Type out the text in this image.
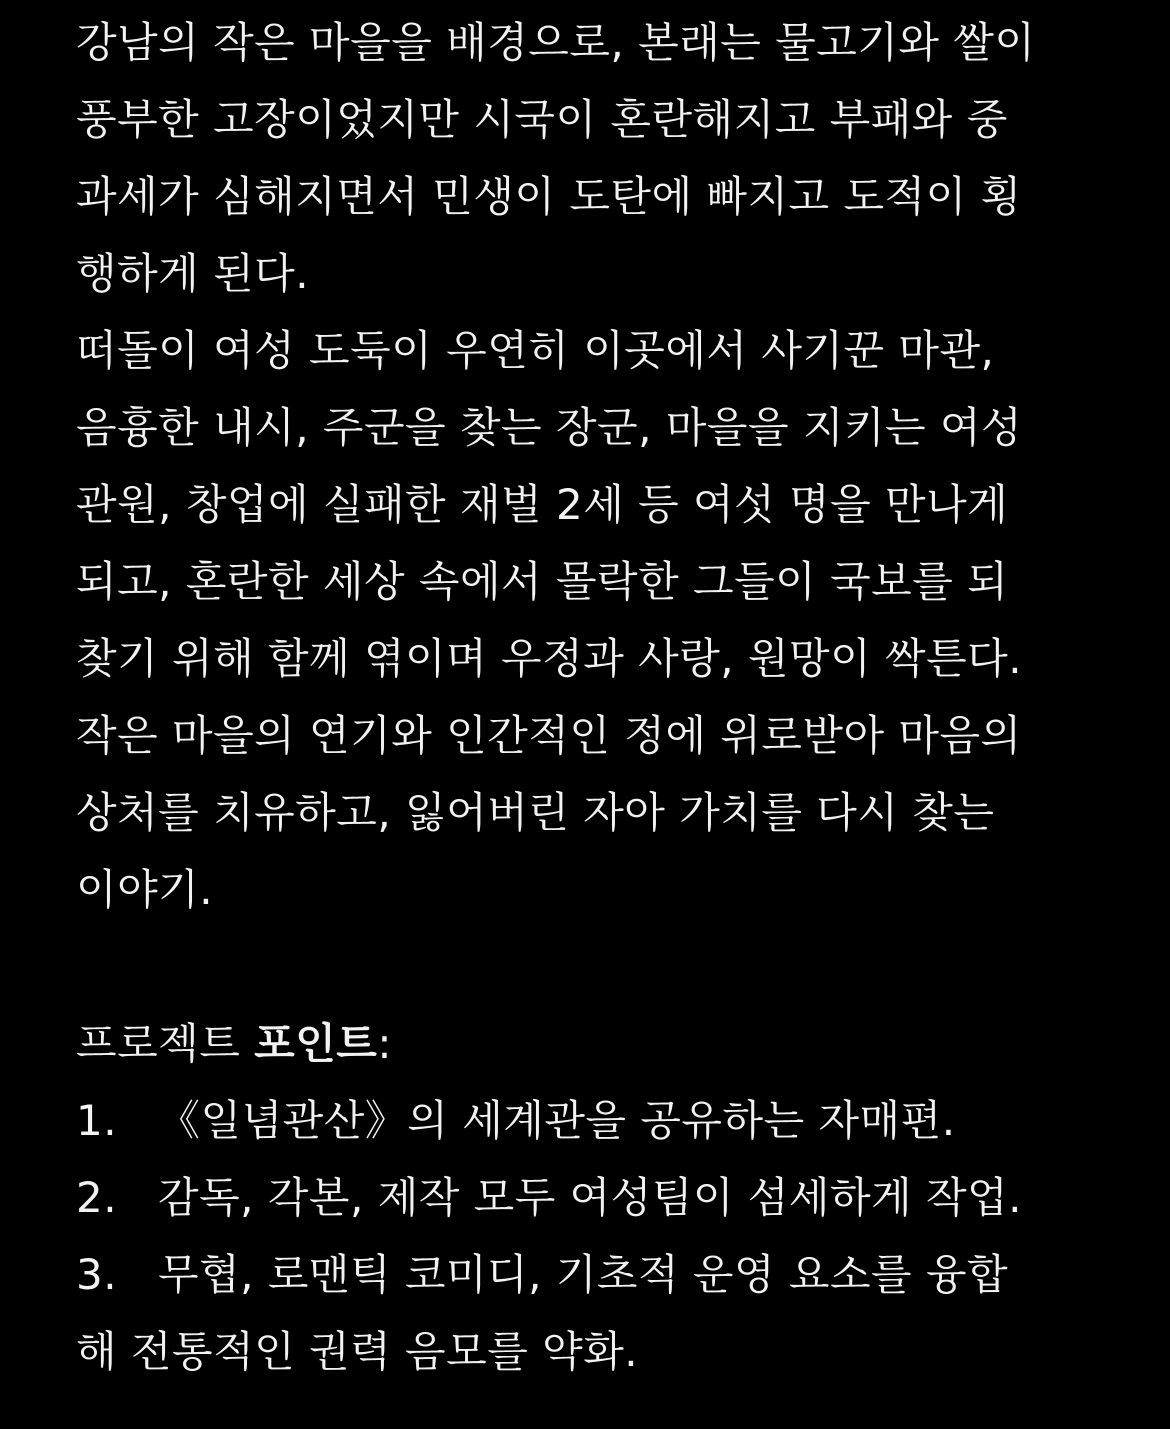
강남의 작은 마을을 배경으로, 본래는 물고기와 쌀이
풍부한 고장이었지만 시국이 혼란해지고 부패와 중
과세가 심해지면서 민생이 도탄에 빠지고 도적이 횡
행하게 된다.
떠돌이 여성 도둑이 우연히 이곳에서 사기꾼 마관,
음흉한 내시, 주군을 찾는 장군, 마을을 지키는 여성
관원, 창업에 실패한 재벌 2세 등 여섯 명을 만나게
되고, 혼란한 세상 속에서 몰락한 그들이 국보를 되
찾기 위해 함께 엮이며 우정과 사랑, 원망이 싹튼다.
작은 마을의 연기와 인간적인 정에 위로받아 마음의
상처를 치유하고, 잃어버린 자아 가치를 다시 찾는
이야기.
프로젝트 포인트:
1. 《일념관산》의 세계관을 공유하는 자매편.
2. 감독, 각본, 제작 모두 여성팀이 섬세하게 작업.
3. 무협, 로맨틱 코미디, 기초적 운영 요소를 융합
해 전통적인 권력 음모를 약화.
